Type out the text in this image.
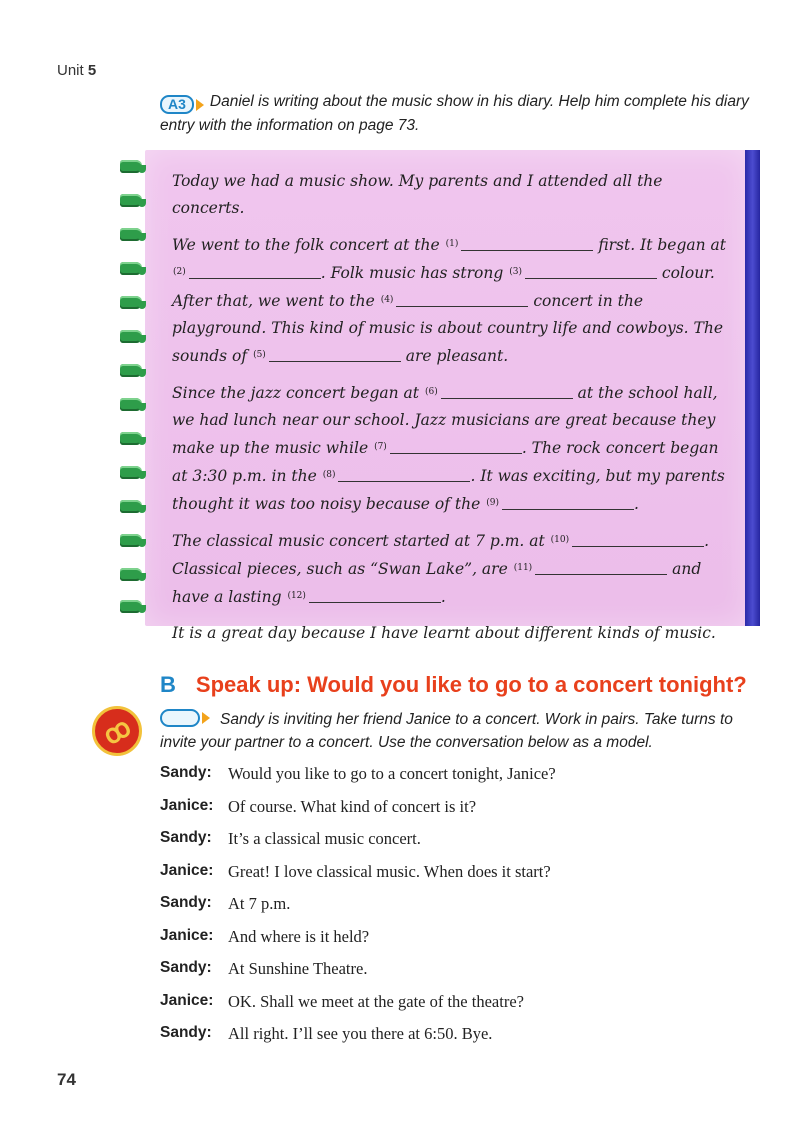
Unit 5
A3	Daniel is writing about the music show in his diary. Help him complete his diary entry with the information on page 73.

Today we had a music show. My parents and I attended all the concerts.

We went to the folk concert at the $^{(1)}$	first. It began at $^{(2)}$	. Folk music has strong $^{(3)}$	colour. After that, we went to the $^{(4)}$	concert in the playground. This kind of music is about country life and cowboys. The sounds of $^{(5)}$	are pleasant.

Since the jazz concert began at $^{(6)}$	at the school hall, we had lunch near our school. Jazz musicians are great because they make up the music while $^{(7)}$	. The rock concert began at 3:30 p.m. in the $^{(8)}$	. It was exciting, but my parents thought it was too noisy because of the $^{(9)}$	.

The classical music concert started at 7 p.m. at $^{(10)}$	. Classical pieces, such as “Swan Lake”, are $^{(11)}$	and have a lasting $^{(12)}$	.

It is a great day because I have learnt about different kinds of music.

B Speak up: Would you like to go to a concert tonight?
ꝏ	Sandy is inviting her friend Janice to a concert. Work in pairs. Take turns to invite your partner to a concert. Use the conversation below as a model.
Sandy: Would you like to go to a concert tonight, Janice?
Janice: Of course. What kind of concert is it?
Sandy: It’s a classical music concert.
Janice: Great! I love classical music. When does it start?
Sandy: At 7 p.m.
Janice: And where is it held?
Sandy: At Sunshine Theatre.
Janice: OK. Shall we meet at the gate of the theatre?
Sandy: All right. I’ll see you there at 6:50. Bye.
74
